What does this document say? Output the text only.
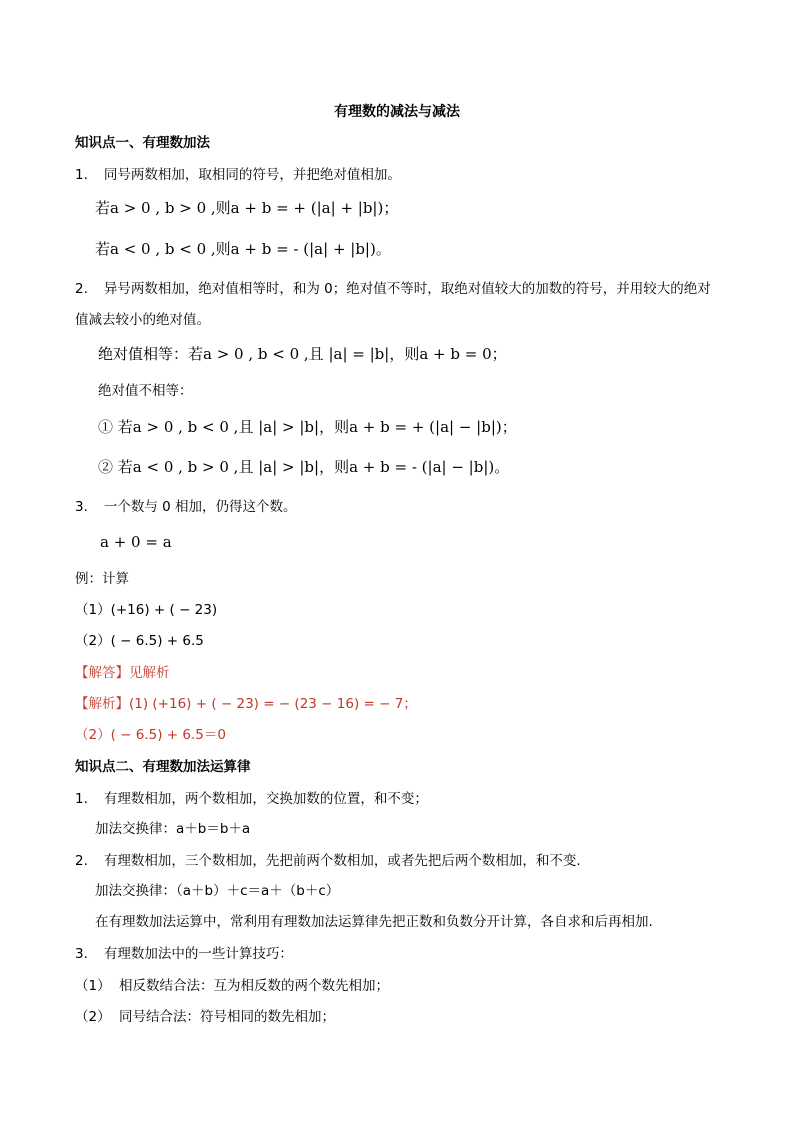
有理数的减法与减法
知识点一、有理数加法
1. 同号两数相加，取相同的符号，并把绝对值相加。
若a > 0 , b > 0 ,则a + b = + (|a| + |b|)；
若a < 0 , b < 0 ,则a + b = - (|a| + |b|)。
2. 异号两数相加，绝对值相等时，和为 0；绝对值不等时，取绝对值较大的加数的符号，并用较大的绝对
值减去较小的绝对值。
绝对值相等：若a > 0 , b < 0 ,且 |a| = |b|，则a + b = 0；
绝对值不相等：
① 若a > 0 , b < 0 ,且 |a| > |b|，则a + b = + (|a| − |b|)；
② 若a < 0 , b > 0 ,且 |a| > |b|，则a + b = - (|a| − |b|)。
3. 一个数与 0 相加，仍得这个数。
a + 0 = a
例：计算
（1）(+16) + ( − 23)
（2）( − 6.5) + 6.5
【解答】见解析
【解析】(1) (+16) + ( − 23) = − (23 − 16) = − 7；
（2）( − 6.5) + 6.5＝0
知识点二、有理数加法运算律
1. 有理数相加，两个数相加，交换加数的位置，和不变；
加法交换律：a＋b＝b＋a
2. 有理数相加，三个数相加，先把前两个数相加，或者先把后两个数相加，和不变.
加法交换律：（a＋b）＋c＝a＋（b＋c）
在有理数加法运算中，常利用有理数加法运算律先把正数和负数分开计算，各自求和后再相加.
3. 有理数加法中的一些计算技巧：
（1） 相反数结合法：互为相反数的两个数先相加；
（2） 同号结合法：符号相同的数先相加；
